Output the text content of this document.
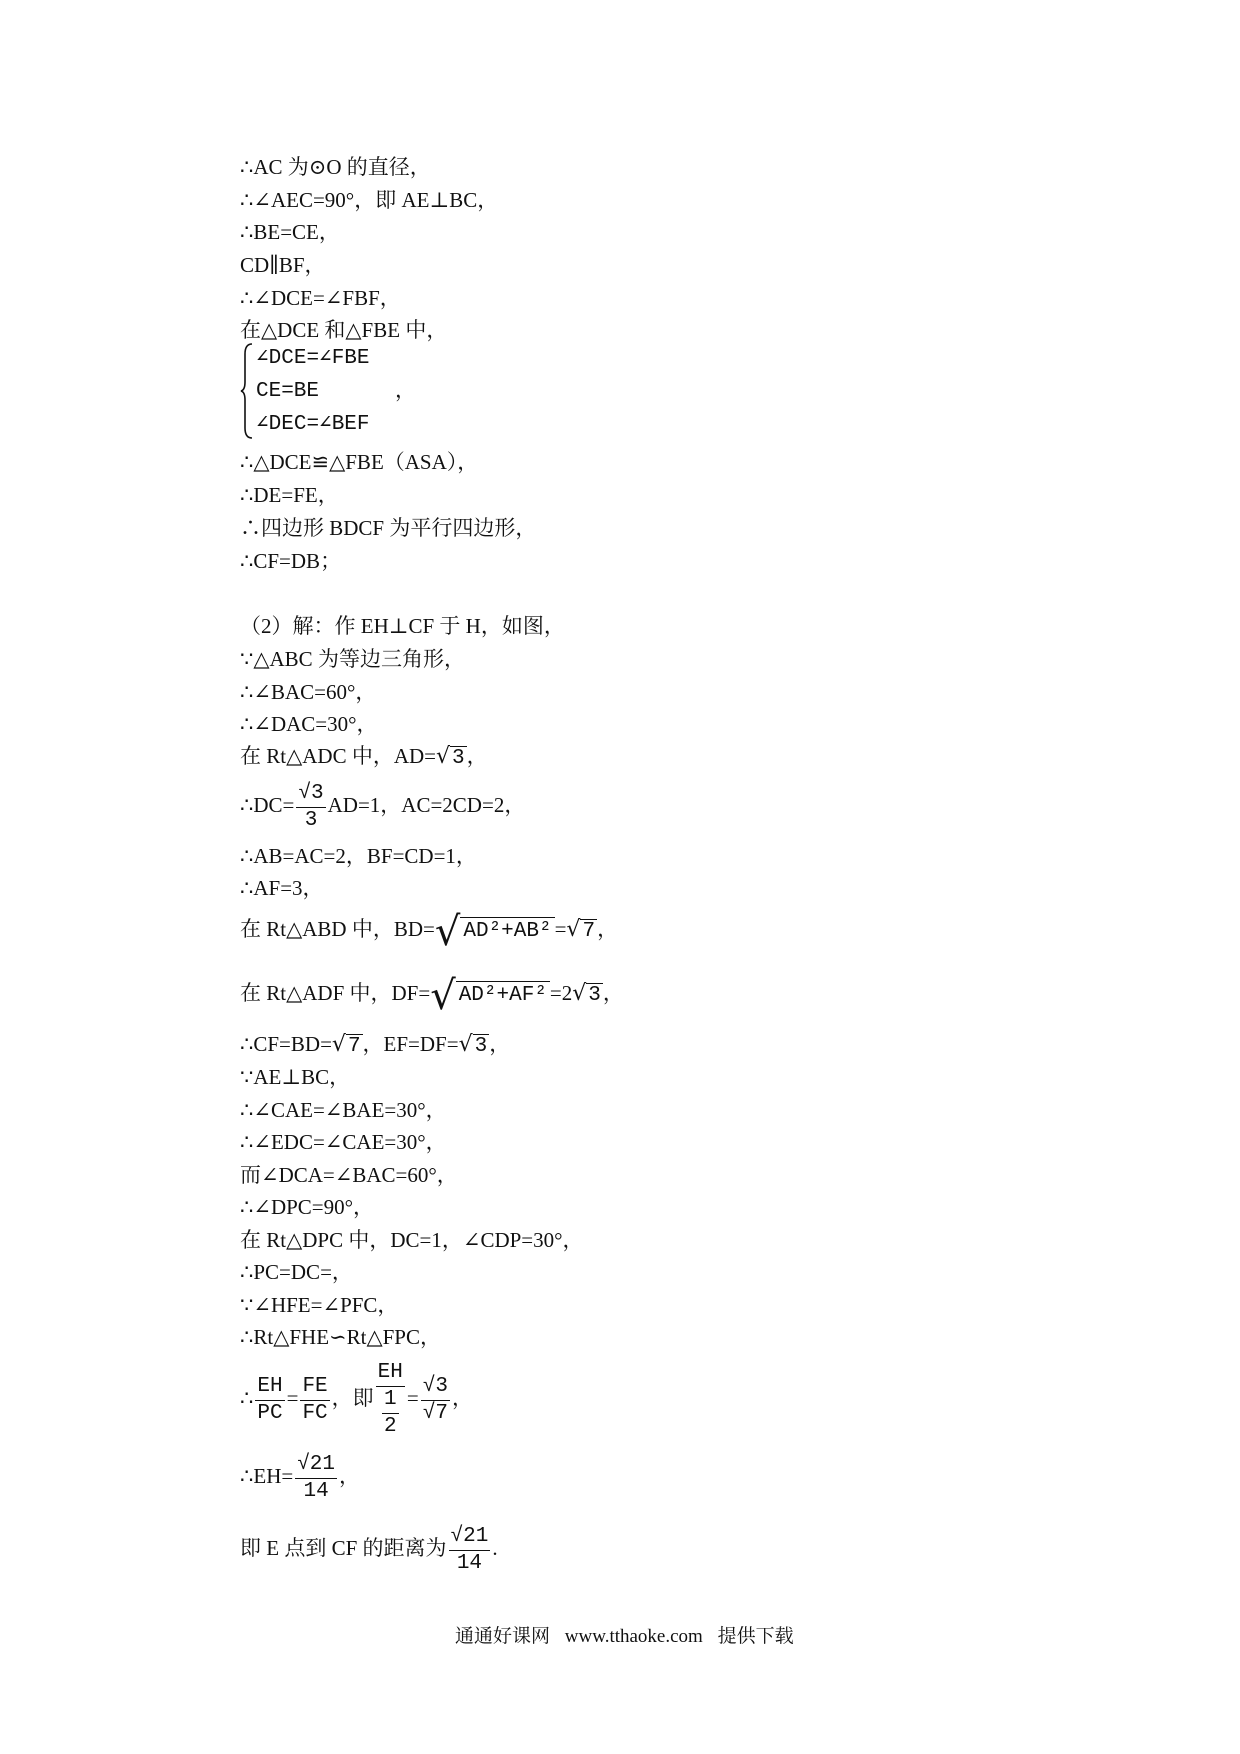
∴AC 为⊙O 的直径，
∴∠AEC=90°，即 AE⊥BC，
∴BE=CE，
CD∥BF，
∴∠DCE=∠FBF，
在△DCE 和△FBE 中，
∠DCE=∠FBE
CE=BE
∠DEC=∠BEF
，
∴△DCE≌△FBE（ASA），
∴DE=FE，
∴四边形 BDCF 为平行四边形，
∴CF=DB；
（2）解：作 EH⊥CF 于 H，如图，
∵△ABC 为等边三角形，
∴∠BAC=60°，
∴∠DAC=30°，
在 Rt△ADC 中，AD=√3，
∴DC= $\frac{√3}{3} AD=1$，AC=2CD=2，
∴AB=AC=2，BF=CD=1，
∴AF=3，
在 Rt△ABD 中，BD=√ AD²+AB² =√7，
在 Rt△ADF 中，DF=√ AD²+AF² =2√3，
∴CF=BD=√7，EF=DF=√3，
∵AE⊥BC，
∴∠CAE=∠BAE=30°，
∴∠EDC=∠CAE=30°，
而∠DCA=∠BAC=60°，
∴∠DPC=90°，
在 Rt△DPC 中，DC=1，∠CDP=30°，
∴PC=DC=，
∵∠HFE=∠PFC，
∴Rt△FHE∽Rt△FPC，
∴ $\frac{EH}{PC} = \frac{FE}{FC}$ ，即 $\frac{EH}{\frac{1}{2}} = \frac{√3}{√7}$ ，
∴EH= $\frac{√21}{14}$ ，
即 E 点到 CF 的距离为 $\frac{√21}{14}$ .
通通好课网 www.tthaoke.com 提供下载
